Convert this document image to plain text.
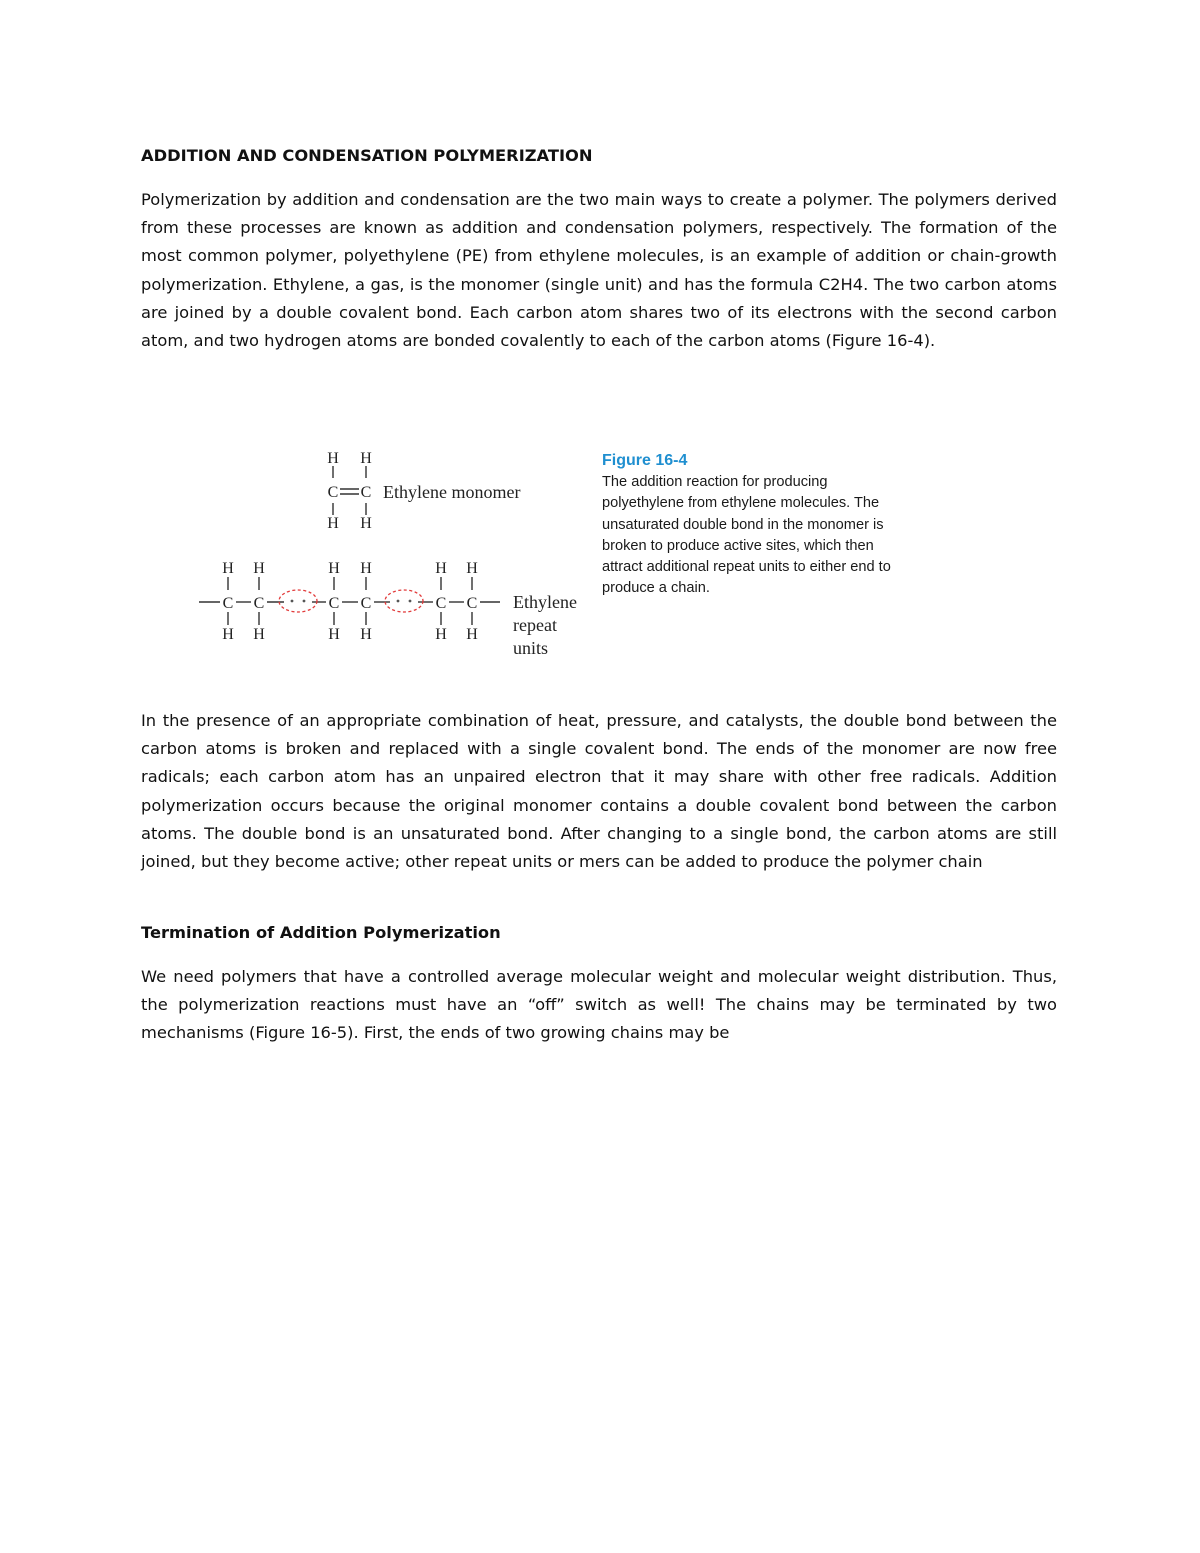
ADDITION AND CONDENSATION POLYMERIZATION
Polymerization by addition and condensation are the two main ways to create a polymer. The polymers derived from these processes are known as addition and condensation polymers, respectively. The formation of the most common polymer, polyethylene (PE) from ethylene molecules, is an example of addition or chain-growth polymerization. Ethylene, a gas, is the monomer (single unit) and has the formula C2H4. The two carbon atoms are joined by a double covalent bond. Each carbon atom shares two of its electrons with the second carbon atom, and two hydrogen atoms are bonded covalently to each of the carbon atoms (Figure 16-4).
H H
C C
H H
H H	H H	H H
C C	C C	C C
H H	H H	H H
Ethylene monomer
Ethylene
repeat
units
Figure 16-4
The addition reaction for producing polyethylene from ethylene molecules. The unsaturated double bond in the monomer is broken to produce active sites, which then attract additional repeat units to either end to produce a chain.
In the presence of an appropriate combination of heat, pressure, and catalysts, the double bond between the carbon atoms is broken and replaced with a single covalent bond. The ends of the monomer are now free radicals; each carbon atom has an unpaired electron that it may share with other free radicals. Addition polymerization occurs because the original monomer contains a double covalent bond between the carbon atoms. The double bond is an unsaturated bond. After changing to a single bond, the carbon atoms are still joined, but they become active; other repeat units or mers can be added to produce the polymer chain
Termination of Addition Polymerization
We need polymers that have a controlled average molecular weight and molecular weight distribution. Thus, the polymerization reactions must have an “off” switch as well! The chains may be terminated by two mechanisms (Figure 16-5). First, the ends of two growing chains may be
